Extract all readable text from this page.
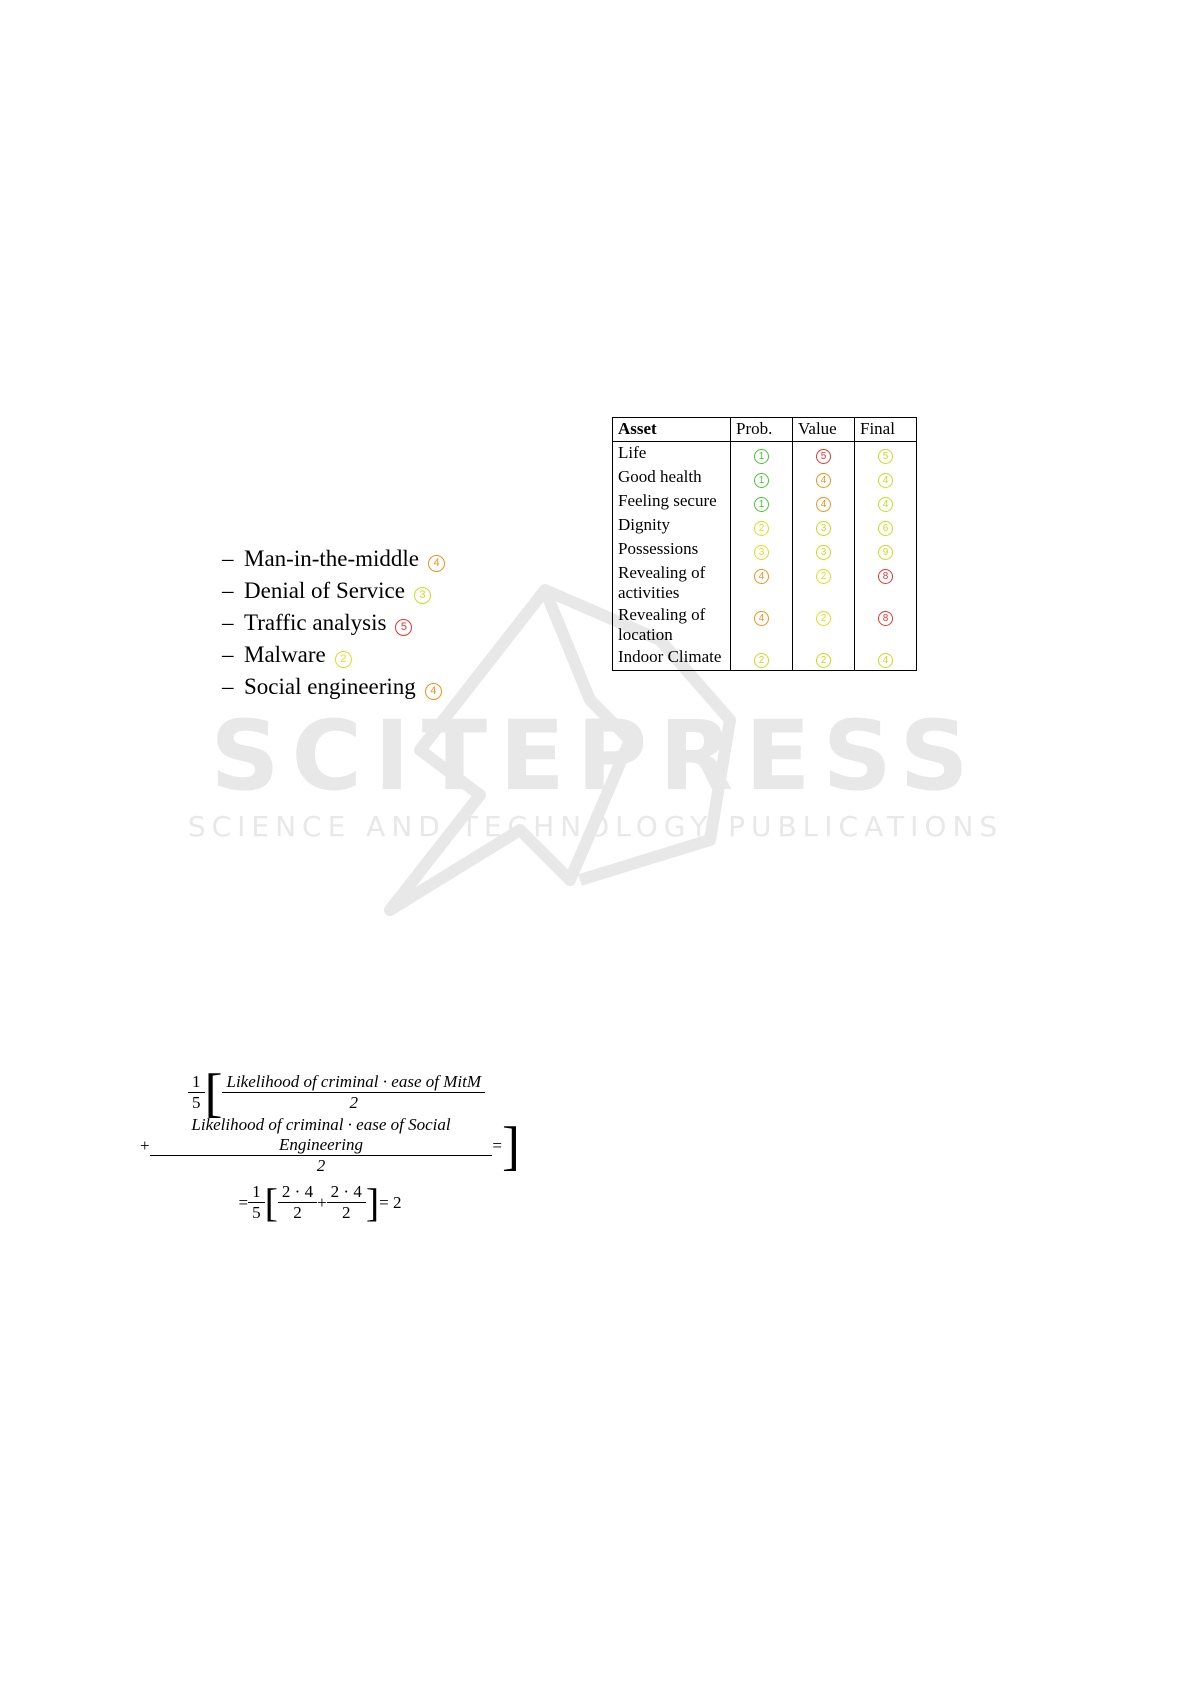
SCITEPRESS
SCIENCE AND TECHNOLOGY PUBLICATIONS
– Man-in-the-middle	4
– Denial of Service	3
– Traffic analysis	5
– Malware	2
– Social engineering	4
Asset	Prob.	Value	Final
Life	1	5	5
Good health	1	4	4
Feeling secure	1	4	4
Dignity	2	3	6
Possessions	3	3	9
Revealing of activities	4	2	8
Revealing of location	4	2	8
Indoor Climate	2	2	4
$\frac{1}{5}$ [ $\frac{\text{Likelihood of criminal · ease of MitM}}{2}$
+ $\frac{\text{Likelihood of criminal · ease of Social Engineering}}{2}$ = ]
= $\frac{1}{5}$ [ $\frac{2 \cdot 4}{2} + \frac{2 \cdot 4}{2}$ ] = 2
